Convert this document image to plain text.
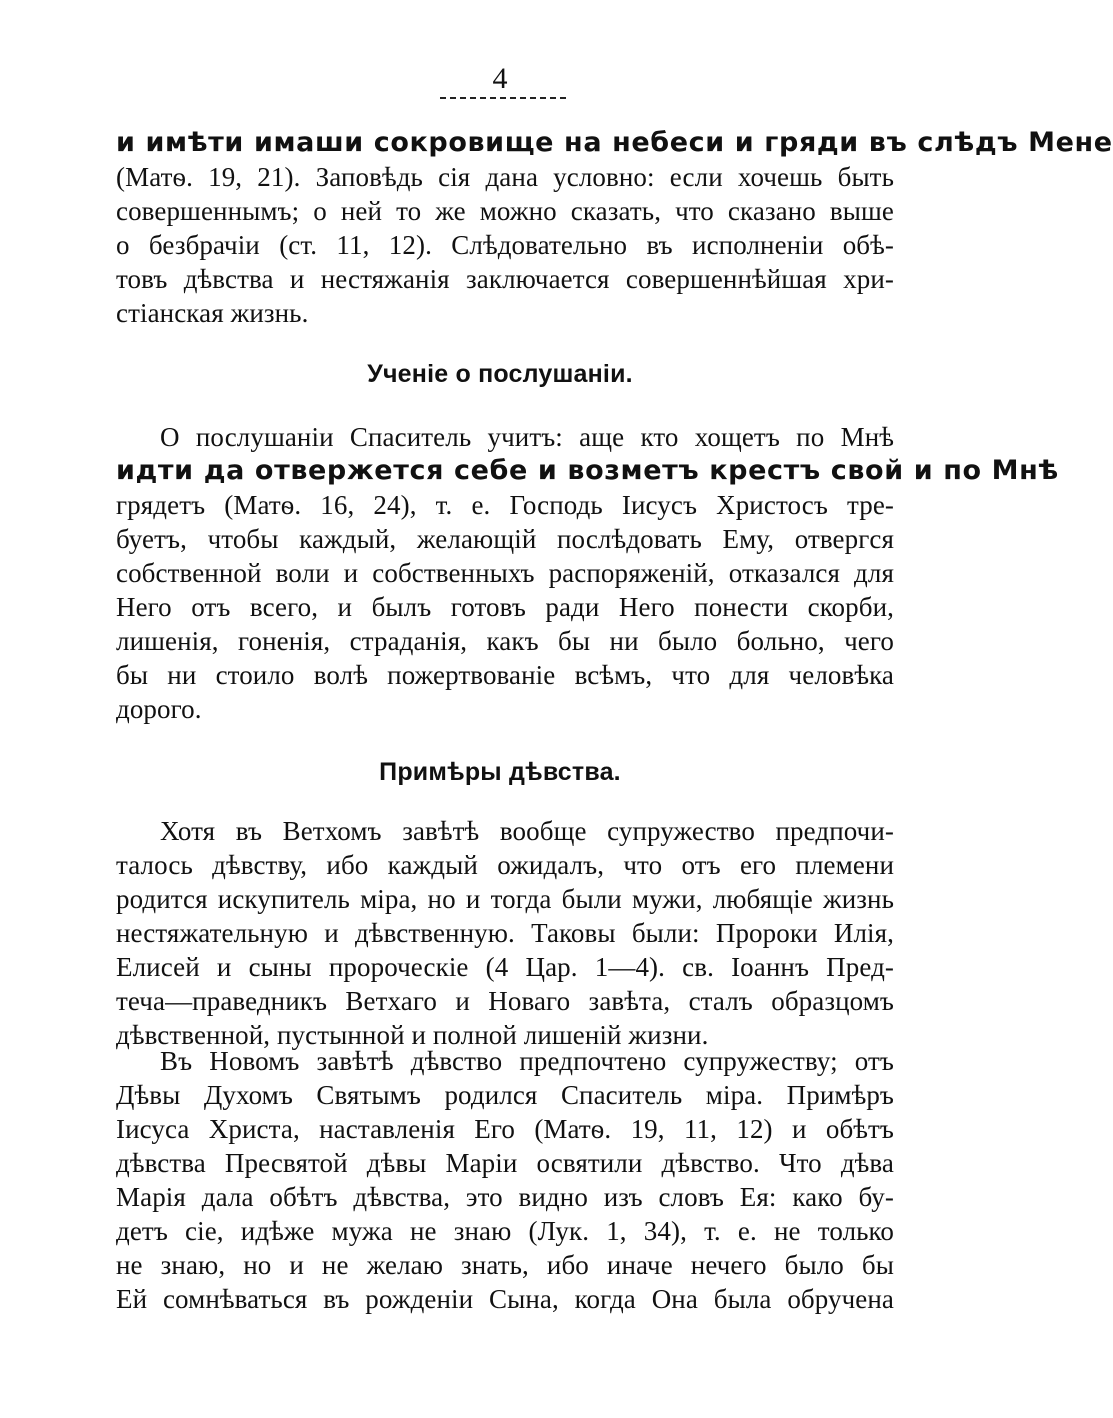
4
и имѣти имаши сокровище на небеси и гряди въ слѣдъ Мене
(Матѳ. 19, 21). Заповѣдь сія дана условно: если хочешь быть
совершеннымъ; о ней то же можно сказать, что сказано выше
о безбрачіи (ст. 11, 12). Слѣдовательно въ исполненіи обѣ-
товъ дѣвства и нестяжанія заключается совершеннѣйшая хри-
стіанская жизнь.
Ученіе о послушаніи.
О послушаніи Спаситель учитъ: аще кто хощетъ по Мнѣ
идти да отвержется себе и возметъ крестъ свой и по Мнѣ
грядетъ (Матѳ. 16, 24), т. е. Господь Іисусъ Христосъ тре-
буетъ, чтобы каждый, желающій послѣдовать Ему, отвергся
собственной воли и собственныхъ распоряженій, отказался для
Него отъ всего, и былъ готовъ ради Него понести скорби,
лишенія, гоненія, страданія, какъ бы ни было больно, чего
бы ни стоило волѣ пожертвованіе всѣмъ, что для человѣка
дорого.
Примѣры дѣвства.
Хотя въ Ветхомъ завѣтѣ вообще супружество предпочи-
талось дѣвству, ибо каждый ожидалъ, что отъ его племени
родится искупитель міра, но и тогда были мужи, любящіе жизнь
нестяжательную и дѣвственную. Таковы были: Пророки Илія,
Елисей и сыны пророческіе (4 Цар. 1—4). св. Іоаннъ Пред-
теча—праведникъ Ветхаго и Новаго завѣта, сталъ образцомъ
дѣвственной, пустынной и полной лишеній жизни.
Въ Новомъ завѣтѣ дѣвство предпочтено супружеству; отъ
Дѣвы Духомъ Святымъ родился Спаситель міра. Примѣръ
Іисуса Христа, наставленія Его (Матѳ. 19, 11, 12) и обѣтъ
дѣвства Пресвятой дѣвы Маріи освятили дѣвство. Что дѣва
Марія дала обѣтъ дѣвства, это видно изъ словъ Ея: како бу-
детъ сіе, идѣже мужа не знаю (Лук. 1, 34), т. е. не только
не знаю, но и не желаю знать, ибо иначе нечего было бы
Ей сомнѣваться въ рожденіи Сына, когда Она была обручена
